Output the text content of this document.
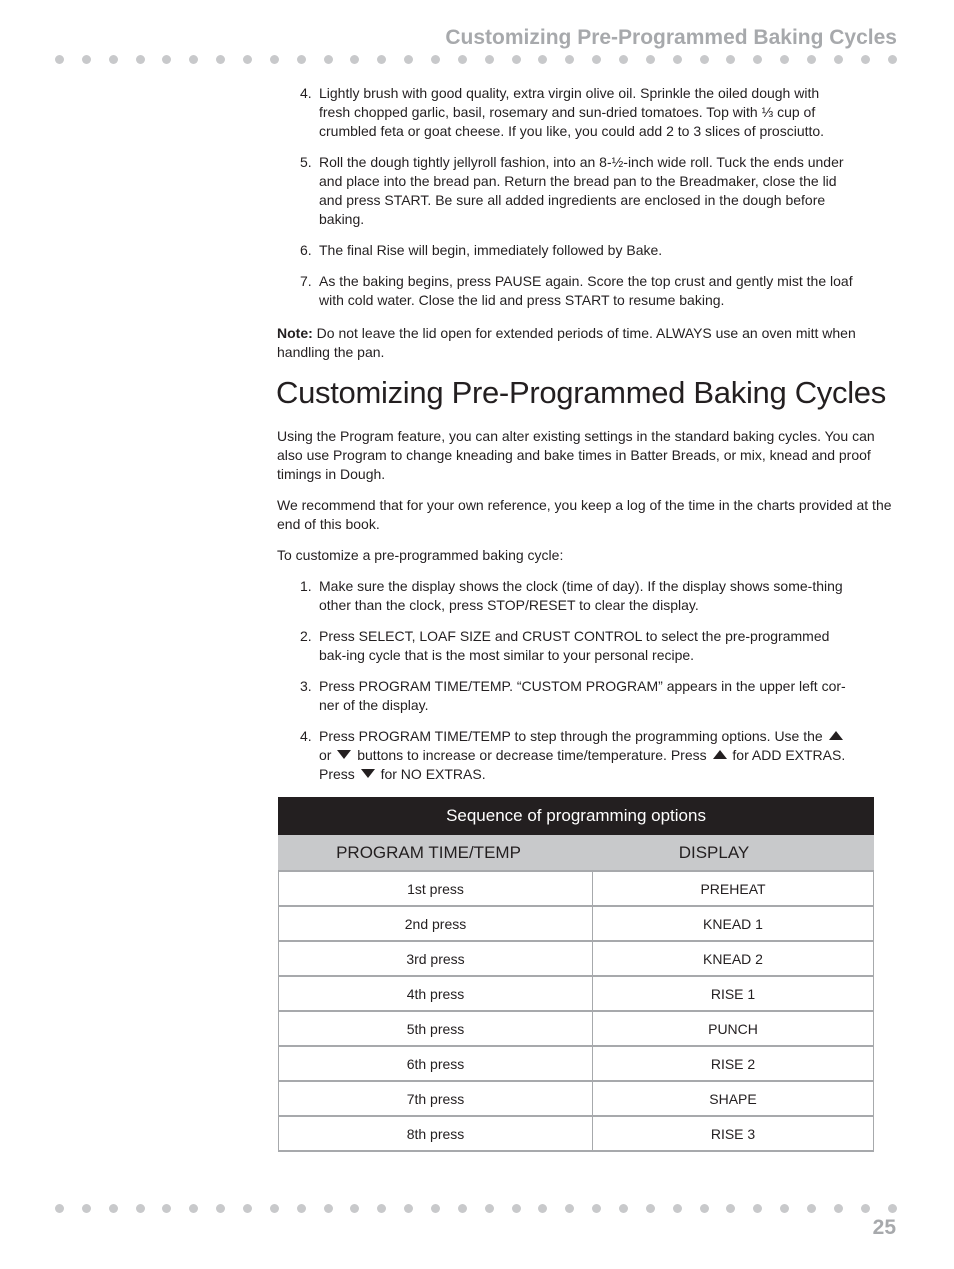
Customizing Pre-Programmed Baking Cycles
4. Lightly brush with good quality, extra virgin olive oil. Sprinkle the oiled dough with fresh chopped garlic, basil, rosemary and sun-dried tomatoes. Top with ⅓ cup of crumbled feta or goat cheese. If you like, you could add 2 to 3 slices of prosciutto.
5. Roll the dough tightly jellyroll fashion, into an 8-½-inch wide roll. Tuck the ends under and place into the bread pan. Return the bread pan to the Breadmaker, close the lid and press START. Be sure all added ingredients are enclosed in the dough before baking.
6. The final Rise will begin, immediately followed by Bake.
7. As the baking begins, press PAUSE again. Score the top crust and gently mist the loaf with cold water. Close the lid and press START to resume baking.

Note: Do not leave the lid open for extended periods of time. ALWAYS use an oven mitt when handling the pan.

Customizing Pre-Programmed Baking Cycles

Using the Program feature, you can alter existing settings in the standard baking cycles. You can also use Program to change kneading and bake times in Batter Breads, or mix, knead and proof timings in Dough.

We recommend that for your own reference, you keep a log of the time in the charts provided at the end of this book.

To customize a pre-programmed baking cycle:

1. Make sure the display shows the clock (time of day). If the display shows some-thing other than the clock, press STOP/RESET to clear the display.
2. Press SELECT, LOAF SIZE and CRUST CONTROL to select the pre-programmed bak-ing cycle that is the most similar to your personal recipe.
3. Press PROGRAM TIME/TEMP. “CUSTOM PROGRAM” appears in the upper left cor-ner of the display.
4. Press PROGRAM TIME/TEMP to step through the programming options. Use the
or buttons to increase or decrease time/temperature. Press for ADD EXTRAS. Press for NO EXTRAS.
Sequence of programming options	
PROGRAM TIME/TEMP	DISPLAY
1st press	PREHEAT
2nd press	KNEAD 1
3rd press	KNEAD 2
4th press	RISE 1
5th press	PUNCH
6th press	RISE 2
7th press	SHAPE
8th press	RISE 3
25
